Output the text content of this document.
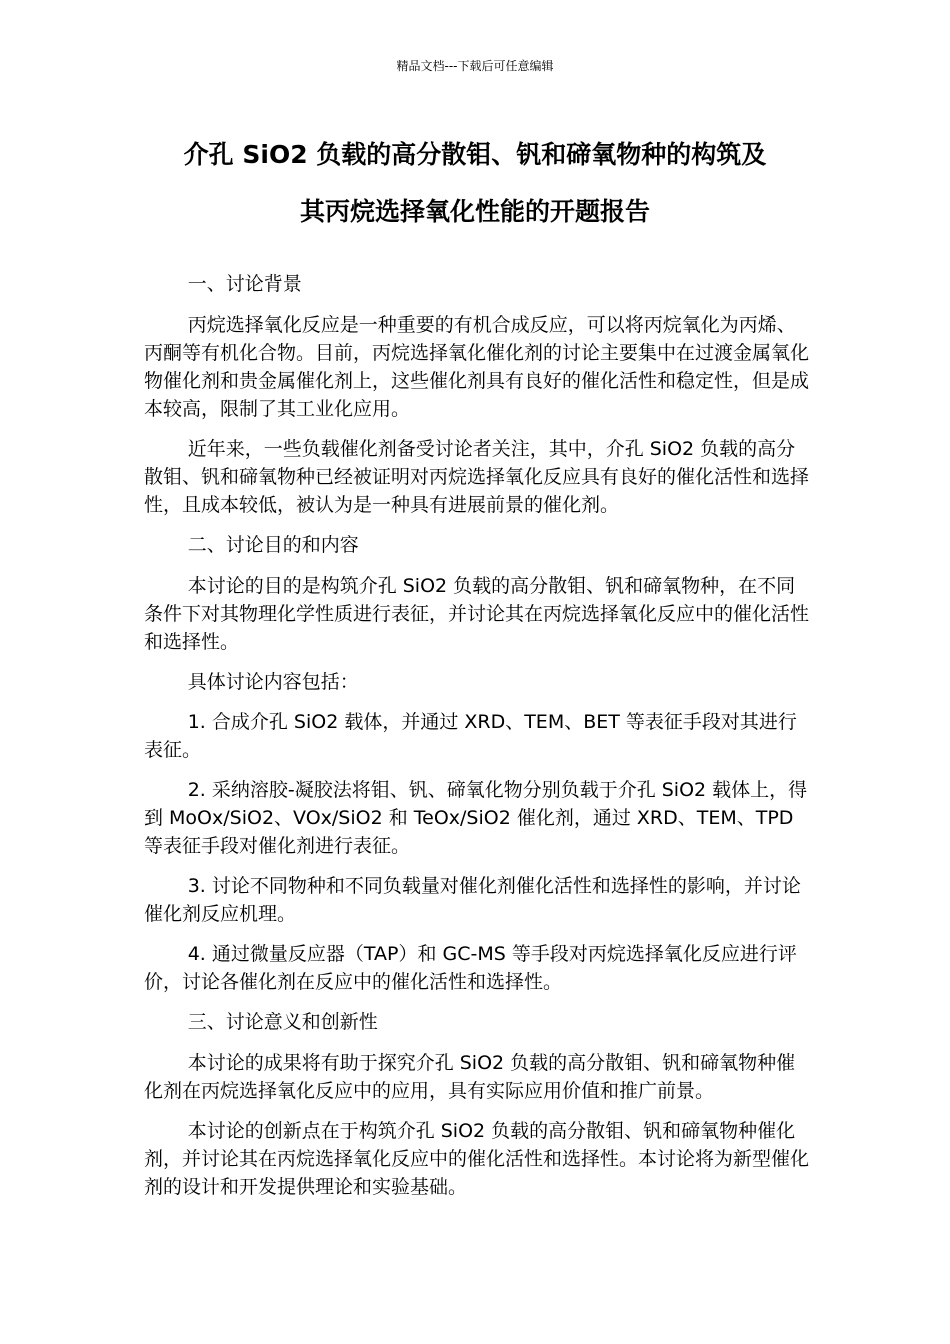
精品文档---下载后可任意编辑
介孔 SiO2 负载的高分散钼、钒和碲氧物种的构筑及
其丙烷选择氧化性能的开题报告

一、讨论背景

丙烷选择氧化反应是一种重要的有机合成反应，可以将丙烷氧化为丙烯、丙酮等有机化合物。目前，丙烷选择氧化催化剂的讨论主要集中在过渡金属氧化物催化剂和贵金属催化剂上，这些催化剂具有良好的催化活性和稳定性，但是成本较高，限制了其工业化应用。

近年来，一些负载催化剂备受讨论者关注，其中，介孔 SiO2 负载的高分散钼、钒和碲氧物种已经被证明对丙烷选择氧化反应具有良好的催化活性和选择性，且成本较低，被认为是一种具有进展前景的催化剂。

二、讨论目的和内容

本讨论的目的是构筑介孔 SiO2 负载的高分散钼、钒和碲氧物种，在不同条件下对其物理化学性质进行表征，并讨论其在丙烷选择氧化反应中的催化活性和选择性。

具体讨论内容包括：

1. 合成介孔 SiO2 载体，并通过 XRD、TEM、BET 等表征手段对其进行表征。

2. 采纳溶胶-凝胶法将钼、钒、碲氧化物分别负载于介孔 SiO2 载体上，得到 MoOx/SiO2、VOx/SiO2 和 TeOx/SiO2 催化剂，通过 XRD、TEM、TPD 等表征手段对催化剂进行表征。

3. 讨论不同物种和不同负载量对催化剂催化活性和选择性的影响，并讨论催化剂反应机理。

4. 通过微量反应器（TAP）和 GC-MS 等手段对丙烷选择氧化反应进行评价，讨论各催化剂在反应中的催化活性和选择性。

三、讨论意义和创新性

本讨论的成果将有助于探究介孔 SiO2 负载的高分散钼、钒和碲氧物种催化剂在丙烷选择氧化反应中的应用，具有实际应用价值和推广前景。

本讨论的创新点在于构筑介孔 SiO2 负载的高分散钼、钒和碲氧物种催化剂，并讨论其在丙烷选择氧化反应中的催化活性和选择性。本讨论将为新型催化剂的设计和开发提供理论和实验基础。
